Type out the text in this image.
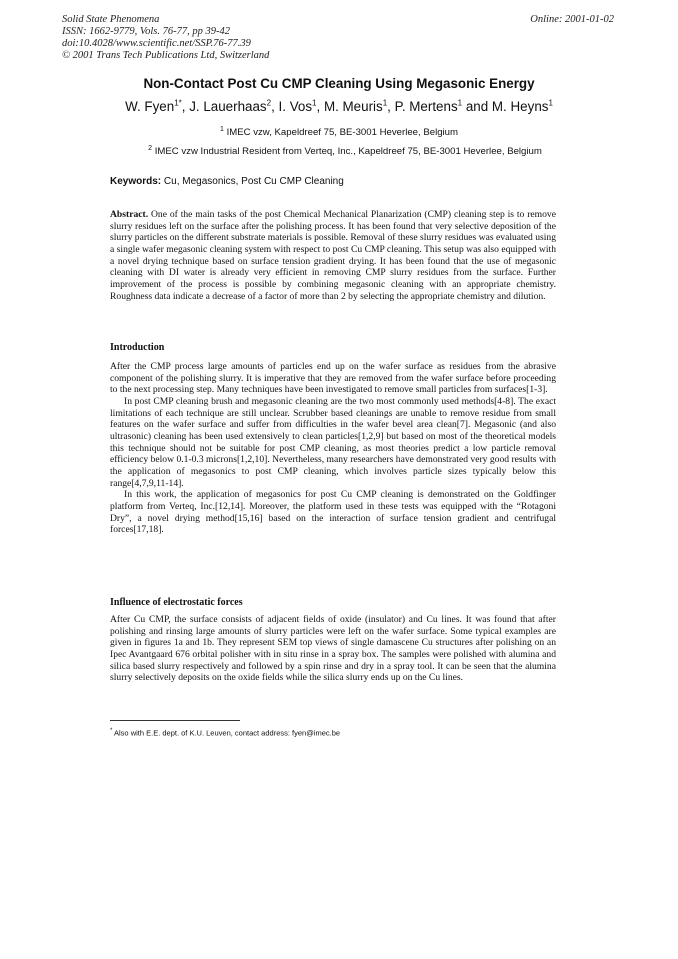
Solid State Phenomena
ISSN: 1662-9779, Vols. 76-77, pp 39-42
doi:10.4028/www.scientific.net/SSP.76-77.39
© 2001 Trans Tech Publications Ltd, Switzerland
Online: 2001-01-02
Non-Contact Post Cu CMP Cleaning Using Megasonic Energy
W. Fyen$^{1*}$, J. Lauerhaas$^2$, I. Vos$^1$, M. Meuris$^1$, P. Mertens$^1$ and M. Heyns$^1$
$^1$ IMEC vzw, Kapeldreef 75, BE-3001 Heverlee, Belgium
$^2$ IMEC vzw Industrial Resident from Verteq, Inc., Kapeldreef 75, BE-3001 Heverlee, Belgium
Keywords: Cu, Megasonics, Post Cu CMP Cleaning

Abstract. One of the main tasks of the post Chemical Mechanical Planarization (CMP) cleaning step is to remove slurry residues left on the surface after the polishing process. It has been found that very selective deposition of the slurry particles on the different substrate materials is possible. Removal of these slurry residues was evaluated using a single wafer megasonic cleaning system with respect to post Cu CMP cleaning. This setup was also equipped with a novel drying technique based on surface tension gradient drying. It has been found that the use of megasonic cleaning with DI water is already very efficient in removing CMP slurry residues from the surface. Further improvement of the process is possible by combining megasonic cleaning with an appropriate chemistry. Roughness data indicate a decrease of a factor of more than 2 by selecting the appropriate chemistry and dilution.

Introduction

After the CMP process large amounts of particles end up on the wafer surface as residues from the abrasive component of the polishing slurry. It is imperative that they are removed from the wafer surface before proceeding to the next processing step. Many techniques have been investigated to remove small particles from surfaces[1-3].

In post CMP cleaning brush and megasonic cleaning are the two most commonly used methods[4-8]. The exact limitations of each technique are still unclear. Scrubber based cleanings are unable to remove residue from small features on the wafer surface and suffer from difficulties in the wafer bevel area clean[7]. Megasonic (and also ultrasonic) cleaning has been used extensively to clean particles[1,2,9] but based on most of the theoretical models this technique should not be suitable for post CMP cleaning, as most theories predict a low particle removal efficiency below 0.1-0.3 microns[1,2,10]. Nevertheless, many researchers have demonstrated very good results with the application of megasonics to post CMP cleaning, which involves particle sizes typically below this range[4,7,9,11-14].

In this work, the application of megasonics for post Cu CMP cleaning is demonstrated on the Goldfinger platform from Verteq, Inc.[12,14]. Moreover, the platform used in these tests was equipped with the “Rotagoni Dry”, a novel drying method[15,16] based on the interaction of surface tension gradient and centrifugal forces[17,18].

Influence of electrostatic forces

After Cu CMP, the surface consists of adjacent fields of oxide (insulator) and Cu lines. It was found that after polishing and rinsing large amounts of slurry particles were left on the wafer surface. Some typical examples are given in figures 1a and 1b. They represent SEM top views of single damascene Cu structures after polishing on an Ipec Avantgaard 676 orbital polisher with in situ rinse in a spray box. The samples were polished with alumina and silica based slurry respectively and followed by a spin rinse and dry in a spray tool. It can be seen that the alumina slurry selectively deposits on the oxide fields while the silica slurry ends up on the Cu lines.

* Also with E.E. dept. of K.U. Leuven, contact address: fyen@imec.be
